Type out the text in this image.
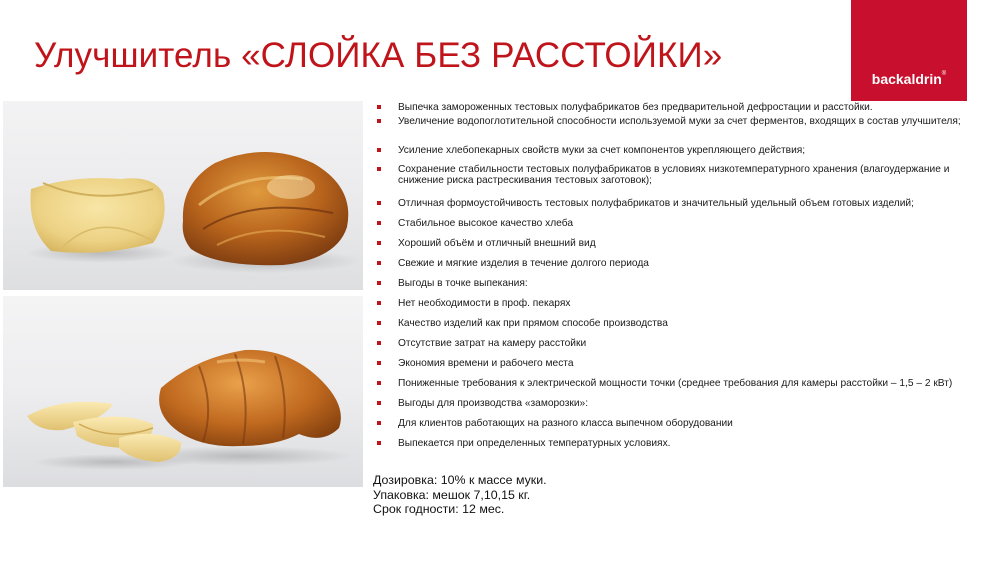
Улучшитель «СЛОЙКА БЕЗ РАССТОЙКИ»
backaldrin®
Выпечка замороженных тестовых полуфабрикатов без предварительной дефростации и расстойки.
Увеличение водопоглотительной способности используемой муки за счет ферментов, входящих в состав улучшителя;
Усиление хлебопекарных свойств муки за счет компонентов укрепляющего действия;
Сохранение стабильности тестовых полуфабрикатов в условиях низкотемпературного хранения (влагоудержание и снижение риска растрескивания тестовых заготовок);
Отличная формоустойчивость тестовых полуфабрикатов и значительный удельный объем готовых изделий;
Стабильное высокое качество хлеба
Хороший объём и отличный внешний вид
Свежие и мягкие изделия в течение долгого периода
Выгоды в точке выпекания:
Нет необходимости в проф. пекарях
Качество изделий как при прямом способе производства
Отсутствие затрат на камеру расстойки
Экономия времени и рабочего места
Пониженные требования к электрической мощности точки (среднее требования для камеры расстойки – 1,5 – 2 кВт)
Выгоды для производства «заморозки»:
Для клиентов работающих на разного класса выпечном оборудовании
Выпекается при определенных температурных условиях.
Дозировка: 10% к массе муки.
Упаковка: мешок 7,10,15 кг.
Срок годности: 12 мес.
